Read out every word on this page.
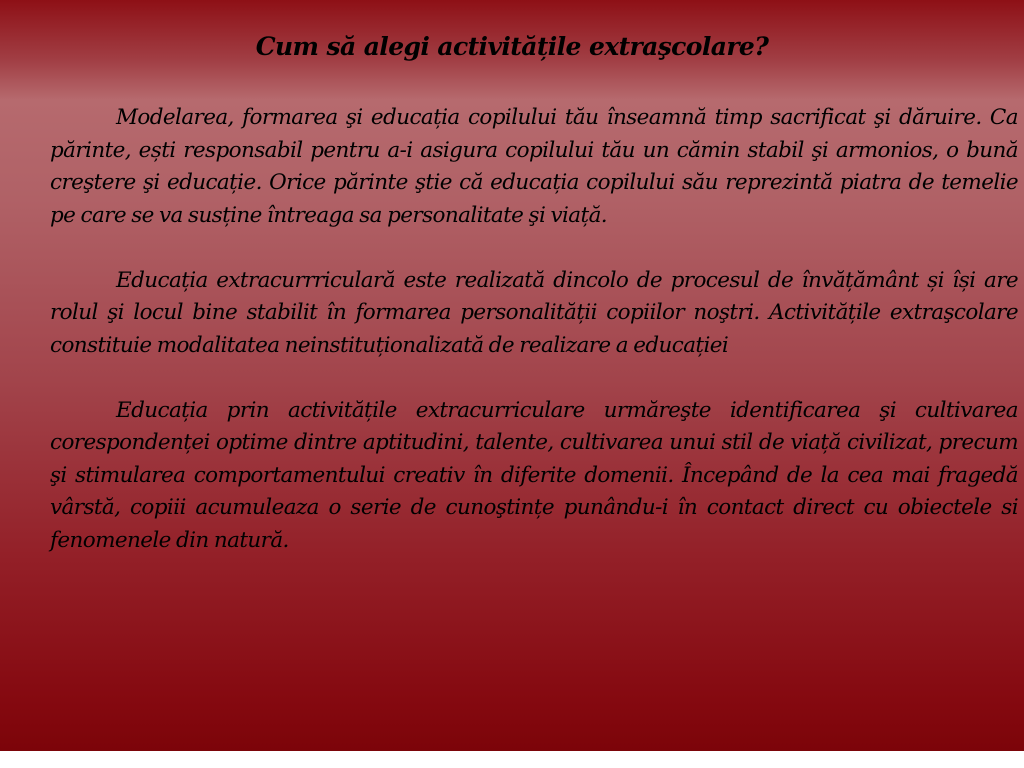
Cum să alegi activitățile extraşcolare?

Modelarea, formarea şi educația copilului tău înseamnă timp sacrificat şi dăruire. Ca părinte, ești responsabil pentru a-i asigura copilului tău un cămin stabil şi armonios, o bună creştere şi educație. Orice părinte ştie că educația copilului său reprezintă piatra de temelie pe care se va susține întreaga sa personalitate şi viață.

Educația extracurrriculară este realizată dincolo de procesul de învățământ și își are rolul şi locul bine stabilit în formarea personalității copiilor noştri. Activitățile extraşcolare constituie modalitatea neinstituționalizată de realizare a educației

Educația prin activitățile extracurriculare urmăreşte identificarea şi cultivarea corespondenței optime dintre aptitudini, talente, cultivarea unui stil de viață civilizat, precum şi stimularea comportamentului creativ în diferite domenii. Începând de la cea mai fragedă vârstă, copiii acumuleaza o serie de cunoştințe punându-i în contact direct cu obiectele si fenomenele din natură.
